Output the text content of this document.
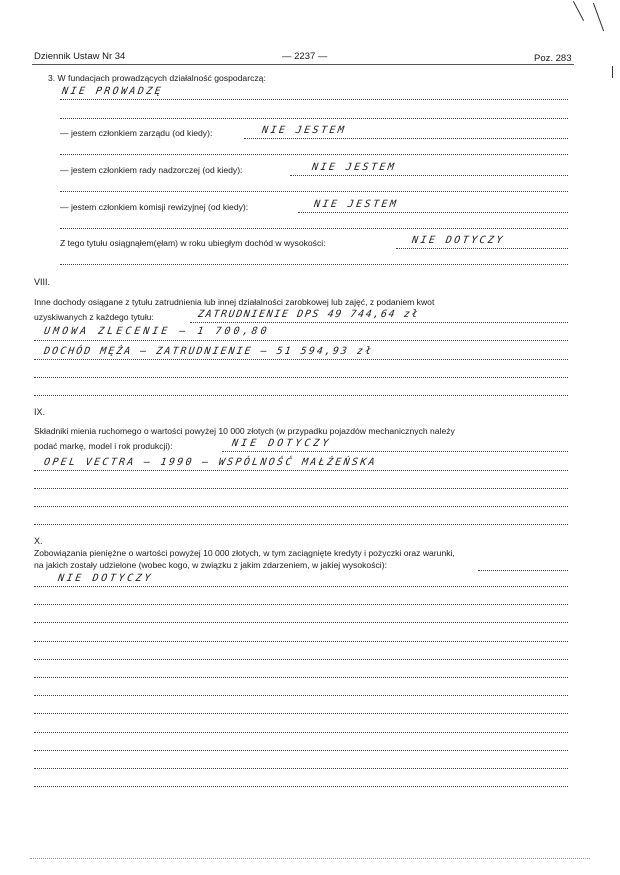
Dziennik Ustaw Nr 34	— 2237 —	Poz. 283
3. W fundacjach prowadzących działalność gospodarczą:
NIE PROWADZĘ
— jestem członkiem zarządu (od kiedy):	NIE JESTEM
— jestem członkiem rady nadzorczej (od kiedy):	NIE JESTEM
— jestem członkiem komisji rewizyjnej (od kiedy):	NIE JESTEM
Z tego tytułu osiągnąłem(ęłam) w roku ubiegłym dochód w wysokości:	NIE DOTYCZY
VIII.
Inne dochody osiągane z tytułu zatrudnienia lub innej działalności zarobkowej lub zajęć, z podaniem kwot
uzyskiwanych z każdego tytułu:	ZATRUDNIENIE DPS 49 744,64 zł
UMOWA ZLECENIE – 1 700,80
DOCHÓD MĘŻA – ZATRUDNIENIE – 51 594,93 zł
IX.
Składniki mienia ruchomego o wartości powyżej 10 000 złotych (w przypadku pojazdów mechanicznych należy
podać markę, model i rok produkcji):	NIE DOTYCZY
OPEL VECTRA – 1990 – WSPÓLNOŚĆ MAŁŻEŃSKA
X.
Zobowiązania pieniężne o wartości powyżej 10 000 złotych, w tym zaciągnięte kredyty i pożyczki oraz warunki,
na jakich zostały udzielone (wobec kogo, w związku z jakim zdarzeniem, w jakiej wysokości):
NIE DOTYCZY
